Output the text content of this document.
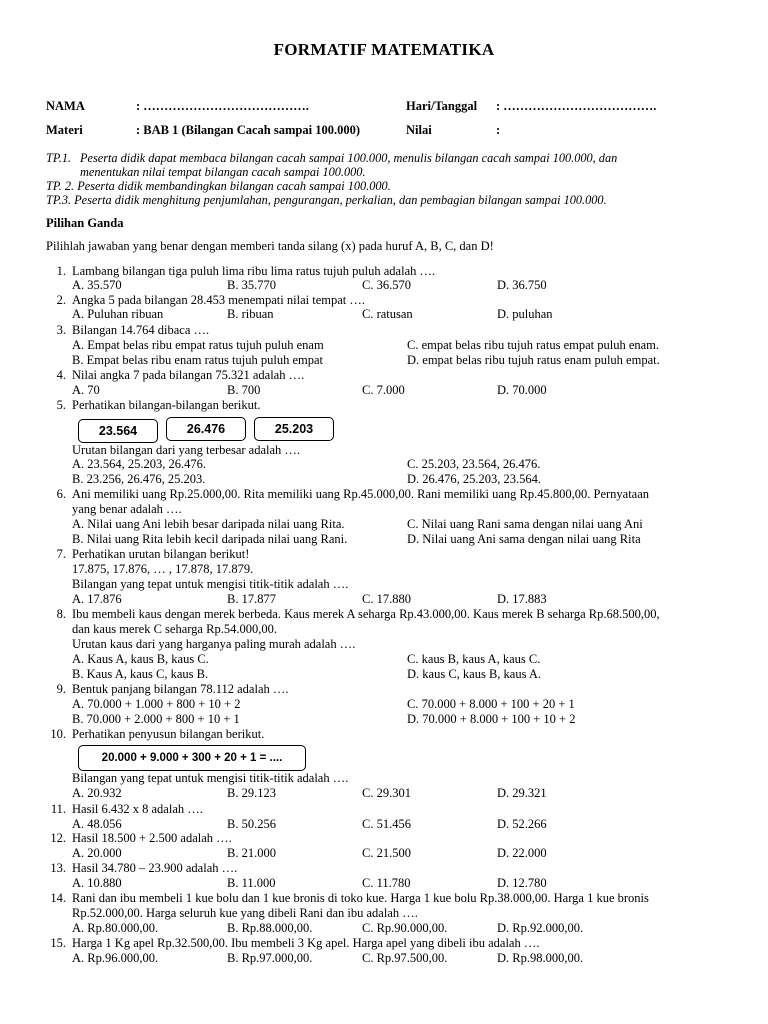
FORMATIF MATEMATIKA
NAMA	: ………………………………….	Hari/Tanggal : ……………………………….
Materi	: BAB 1 (Bilangan Cacah sampai 100.000)	Nilai	:
TP.1. Peserta didik dapat membaca bilangan cacah sampai 100.000, menulis bilangan cacah sampai 100.000, dan
menentukan nilai tempat bilangan cacah sampai 100.000.
TP. 2. Peserta didik membandingkan bilangan cacah sampai 100.000.
TP.3. Peserta didik menghitung penjumlahan, pengurangan, perkalian, dan pembagian bilangan sampai 100.000.
Pilihan Ganda
Pilihlah jawaban yang benar dengan memberi tanda silang (x) pada huruf A, B, C, dan D!
1. Lambang bilangan tiga puluh lima ribu lima ratus tujuh puluh adalah ….
A. 35.570	B. 35.770	C. 36.570	D. 36.750
2. Angka 5 pada bilangan 28.453 menempati nilai tempat ….
A. Puluhan ribuan	B. ribuan	C. ratusan	D. puluhan
3. Bilangan 14.764 dibaca ….
A. Empat belas ribu empat ratus tujuh puluh enam	C. empat belas ribu tujuh ratus empat puluh enam.
B. Empat belas ribu enam ratus tujuh puluh empat	D. empat belas ribu tujuh ratus enam puluh empat.
4. Nilai angka 7 pada bilangan 75.321 adalah ….
A. 70	B. 700	C. 7.000	D. 70.000
5. Perhatikan bilangan-bilangan berikut.
23.564	26.476	25.203
Urutan bilangan dari yang terbesar adalah ….
A. 23.564, 25.203, 26.476.	C. 25.203, 23.564, 26.476.
B. 23.256, 26.476, 25.203.	D. 26.476, 25.203, 23.564.
6. Ani memiliki uang Rp.25.000,00. Rita memiliki uang Rp.45.000,00. Rani memiliki uang Rp.45.800,00. Pernyataan
yang benar adalah ….
A. Nilai uang Ani lebih besar daripada nilai uang Rita.	C. Nilai uang Rani sama dengan nilai uang Ani
B. Nilai uang Rita lebih kecil daripada nilai uang Rani.	D. Nilai uang Ani sama dengan nilai uang Rita
7. Perhatikan urutan bilangan berikut!
17.875, 17.876, … , 17.878, 17.879.
Bilangan yang tepat untuk mengisi titik-titik adalah ….
A. 17.876	B. 17.877	C. 17.880	D. 17.883
8. Ibu membeli kaus dengan merek berbeda. Kaus merek A seharga Rp.43.000,00. Kaus merek B seharga Rp.68.500,00,
dan kaus merek C seharga Rp.54.000,00.
Urutan kaus dari yang harganya paling murah adalah ….
A. Kaus A, kaus B, kaus C.	C. kaus B, kaus A, kaus C.
B. Kaus A, kaus C, kaus B.	D. kaus C, kaus B, kaus A.
9. Bentuk panjang bilangan 78.112 adalah ….
A. 70.000 + 1.000 + 800 + 10 + 2	C. 70.000 + 8.000 + 100 + 20 + 1
B. 70.000 + 2.000 + 800 + 10 + 1	D. 70.000 + 8.000 + 100 + 10 + 2
10. Perhatikan penyusun bilangan berikut.
20.000 + 9.000 + 300 + 20 + 1 = ....
Bilangan yang tepat untuk mengisi titik-titik adalah ….
A. 20.932	B. 29.123	C. 29.301	D. 29.321
11. Hasil 6.432 x 8 adalah ….
A. 48.056	B. 50.256	C. 51.456	D. 52.266
12. Hasil 18.500 + 2.500 adalah ….
A. 20.000	B. 21.000	C. 21.500	D. 22.000
13. Hasil 34.780 – 23.900 adalah ….
A. 10.880	B. 11.000	C. 11.780	D. 12.780
14. Rani dan ibu membeli 1 kue bolu dan 1 kue bronis di toko kue. Harga 1 kue bolu Rp.38.000,00. Harga 1 kue bronis
Rp.52.000,00. Harga seluruh kue yang dibeli Rani dan ibu adalah ….
A. Rp.80.000,00.	B. Rp.88.000,00.	C. Rp.90.000,00.	D. Rp.92.000,00.
15. Harga 1 Kg apel Rp.32.500,00. Ibu membeli 3 Kg apel. Harga apel yang dibeli ibu adalah ….
A. Rp.96.000,00.	B. Rp.97.000,00.	C. Rp.97.500,00.	D. Rp.98.000,00.
